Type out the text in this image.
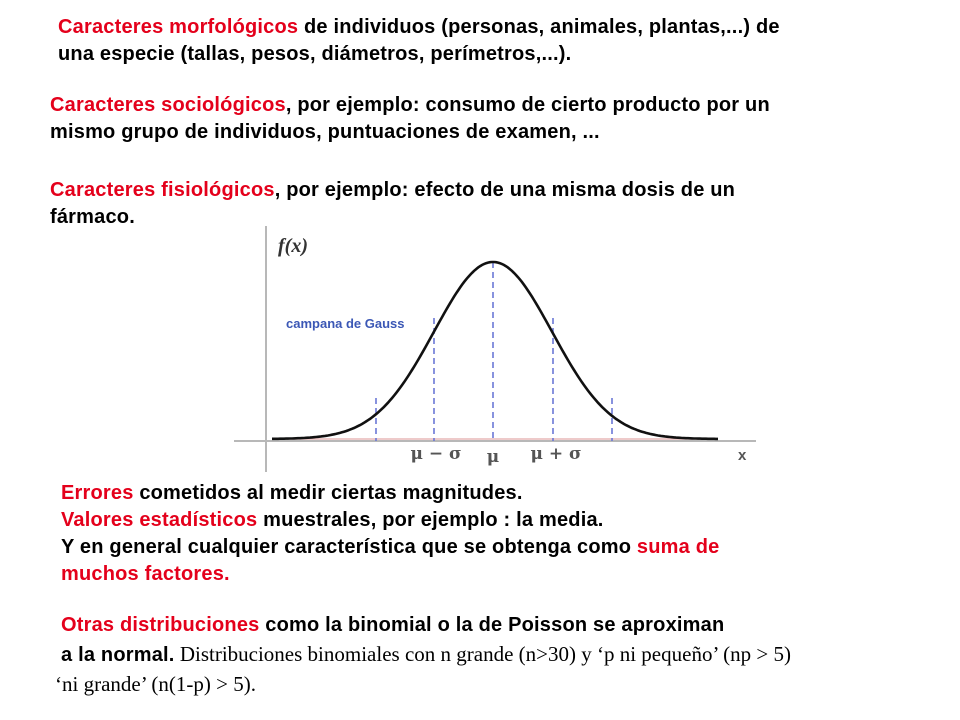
Caracteres morfológicos de individuos (personas, animales, plantas,...) de
una especie (tallas, pesos, diámetros, perímetros,...).

Caracteres sociológicos, por ejemplo: consumo de cierto producto por un
mismo grupo de individuos, puntuaciones de examen, ...

Caracteres fisiológicos, por ejemplo: efecto de una misma dosis de un
fármaco.

f(x)
campana de Gauss
μ − σ μ μ + σ	x

Errores cometidos al medir ciertas magnitudes.
Valores estadísticos muestrales, por ejemplo : la media.
Y en general cualquier característica que se obtenga como suma de
muchos factores.

Otras distribuciones como la binomial o la de Poisson se aproximan
a la normal. Distribuciones binomiales con n grande (n>30) y ‘p ni pequeño’ (np > 5)
‘ni grande’ (n(1-p) > 5).
